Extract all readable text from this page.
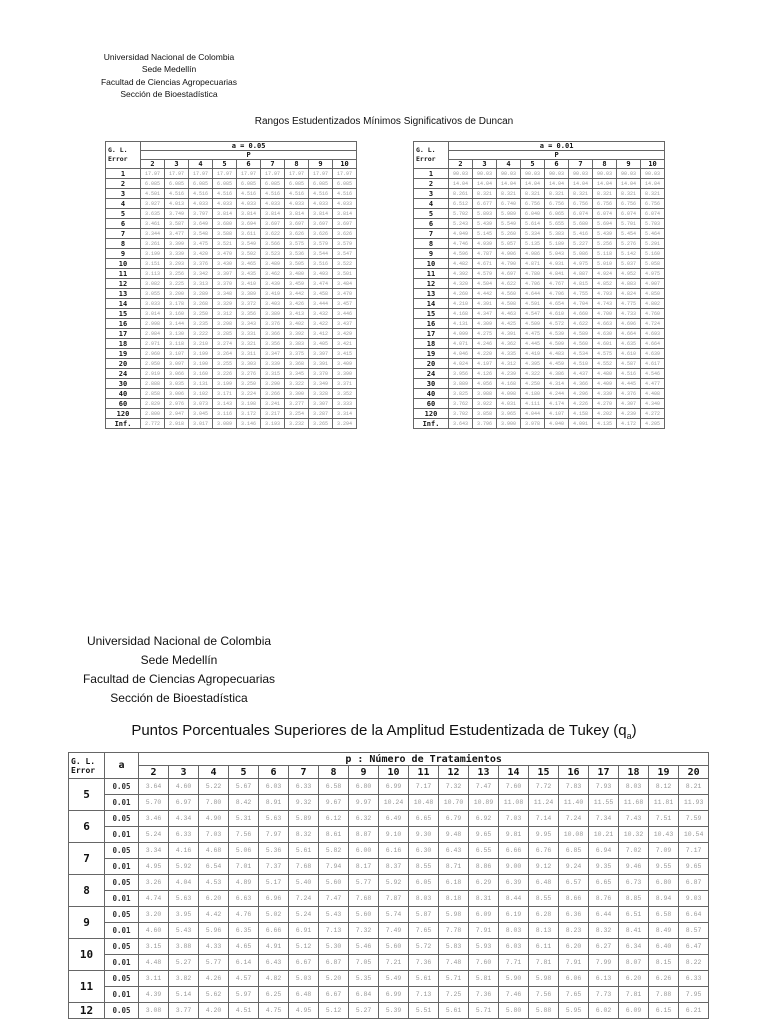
Universidad Nacional de Colombia
Sede Medellín
Facultad de Ciencias Agropecuarias
Sección de Bioestadística
Rangos Estudentizados Mínimos Significativos de Duncan
G. L.
Error	a = 0.05								
	P								
	2	3	4	5	6	7	8	9	10
1	17.97	17.97	17.97	17.97	17.97	17.97	17.97	17.97	17.97
2	6.085	6.085	6.085	6.085	6.085	6.085	6.085	6.085	6.085
3	4.501	4.516	4.516	4.516	4.516	4.516	4.516	4.516	4.516
4	3.927	4.013	4.033	4.033	4.033	4.033	4.033	4.033	4.033
5	3.635	3.749	3.797	3.814	3.814	3.814	3.814	3.814	3.814
6	3.461	3.587	3.649	3.680	3.694	3.697	3.697	3.697	3.697
7	3.344	3.477	3.548	3.588	3.611	3.622	3.626	3.626	3.626
8	3.261	3.399	3.475	3.521	3.549	3.566	3.575	3.579	3.579
9	3.199	3.339	3.420	3.470	3.502	3.523	3.536	3.544	3.547
10	3.151	3.293	3.376	3.430	3.465	3.489	3.505	3.516	3.522
11	3.113	3.256	3.342	3.397	3.435	3.462	3.480	3.493	3.501
12	3.082	3.225	3.313	3.370	3.410	3.439	3.459	3.474	3.484
13	3.055	3.200	3.289	3.348	3.389	3.419	3.442	3.458	3.470
14	3.033	3.178	3.268	3.329	3.372	3.403	3.426	3.444	3.457
15	3.014	3.160	3.250	3.312	3.356	3.389	3.413	3.432	3.446
16	2.998	3.144	3.235	3.298	3.343	3.376	3.402	3.422	3.437
17	2.984	3.130	3.222	3.285	3.331	3.366	3.392	3.412	3.429
18	2.971	3.118	3.210	3.274	3.321	3.356	3.383	3.405	3.421
19	2.960	3.107	3.199	3.264	3.311	3.347	3.375	3.397	3.415
20	2.950	3.097	3.190	3.255	3.303	3.339	3.368	3.391	3.409
24	2.919	3.066	3.160	3.226	3.276	3.315	3.345	3.370	3.390
30	2.888	3.035	3.131	3.199	3.250	3.290	3.322	3.349	3.371
40	2.858	3.006	3.102	3.171	3.224	3.266	3.300	3.328	3.352
60	2.829	2.976	3.073	3.143	3.198	3.241	3.277	3.307	3.333
120	2.800	2.947	3.045	3.116	3.172	3.217	3.254	3.287	3.314
Inf.	2.772	2.918	3.017	3.089	3.146	3.193	3.232	3.265	3.294
G. L.
Error	a = 0.01								
	P								
	2	3	4	5	6	7	8	9	10
1	90.03	90.03	90.03	90.03	90.03	90.03	90.03	90.03	90.03
2	14.04	14.04	14.04	14.04	14.04	14.04	14.04	14.04	14.04
3	8.261	8.321	8.321	8.321	8.321	8.321	8.321	8.321	8.321
4	6.512	6.677	6.740	6.756	6.756	6.756	6.756	6.756	6.756
5	5.702	5.893	5.989	6.040	6.065	6.074	6.074	6.074	6.074
6	5.243	5.439	5.549	5.614	5.655	5.680	5.694	5.701	5.703
7	4.949	5.145	5.260	5.334	5.383	5.416	5.439	5.454	5.464
8	4.746	4.939	5.057	5.135	5.189	5.227	5.256	5.276	5.291
9	4.596	4.787	4.906	4.986	5.043	5.086	5.118	5.142	5.160
10	4.482	4.671	4.790	4.871	4.931	4.975	5.010	5.037	5.058
11	4.392	4.579	4.697	4.780	4.841	4.887	4.924	4.952	4.975
12	4.320	4.504	4.622	4.706	4.767	4.815	4.852	4.883	4.907
13	4.260	4.442	4.560	4.644	4.706	4.755	4.793	4.824	4.850
14	4.210	4.391	4.508	4.591	4.654	4.704	4.743	4.775	4.802
15	4.168	4.347	4.463	4.547	4.610	4.660	4.700	4.733	4.760
16	4.131	4.309	4.425	4.509	4.572	4.622	4.663	4.696	4.724
17	4.099	4.275	4.391	4.475	4.539	4.589	4.630	4.664	4.693
18	4.071	4.246	4.362	4.445	4.509	4.560	4.601	4.635	4.664
19	4.046	4.220	4.335	4.419	4.483	4.534	4.575	4.610	4.639
20	4.024	4.197	4.312	4.395	4.459	4.510	4.552	4.587	4.617
24	3.956	4.126	4.239	4.322	4.386	4.437	4.480	4.516	4.546
30	3.889	4.056	4.168	4.250	4.314	4.366	4.409	4.445	4.477
40	3.825	3.988	4.098	4.180	4.244	4.296	4.339	4.376	4.408
60	3.762	3.922	4.031	4.111	4.174	4.226	4.270	4.307	4.340
120	3.702	3.858	3.965	4.044	4.107	4.158	4.202	4.239	4.272
Inf.	3.643	3.796	3.900	3.978	4.040	4.091	4.135	4.172	4.205
Universidad Nacional de Colombia
Sede Medellín
Facultad de Ciencias Agropecuarias
Sección de Bioestadística
Puntos Porcentuales Superiores de la Amplitud Estudentizada de Tukey $(q_a)$
G. L.
Error	a	p : Número de Tratamientos																		
		2	3	4	5	6	7	8	9	10	11	12	13	14	15	16	17	18	19	20
5	0.05	3.64	4.60	5.22	5.67	6.03	6.33	6.58	6.80	6.99	7.17	7.32	7.47	7.60	7.72	7.83	7.93	8.03	8.12	8.21
	0.01	5.70	6.97	7.80	8.42	8.91	9.32	9.67	9.97	10.24	10.48	10.70	10.89	11.08	11.24	11.40	11.55	11.68	11.81	11.93
6	0.05	3.46	4.34	4.90	5.31	5.63	5.89	6.12	6.32	6.49	6.65	6.79	6.92	7.03	7.14	7.24	7.34	7.43	7.51	7.59
	0.01	5.24	6.33	7.03	7.56	7.97	8.32	8.61	8.87	9.10	9.30	9.48	9.65	9.81	9.95	10.08	10.21	10.32	10.43	10.54
7	0.05	3.34	4.16	4.68	5.06	5.36	5.61	5.82	6.00	6.16	6.30	6.43	6.55	6.66	6.76	6.85	6.94	7.02	7.09	7.17
	0.01	4.95	5.92	6.54	7.01	7.37	7.68	7.94	8.17	8.37	8.55	8.71	8.86	9.00	9.12	9.24	9.35	9.46	9.55	9.65
8	0.05	3.26	4.04	4.53	4.89	5.17	5.40	5.60	5.77	5.92	6.05	6.18	6.29	6.39	6.48	6.57	6.65	6.73	6.80	6.87
	0.01	4.74	5.63	6.20	6.63	6.96	7.24	7.47	7.68	7.87	8.03	8.18	8.31	8.44	8.55	8.66	8.76	8.85	8.94	9.03
9	0.05	3.20	3.95	4.42	4.76	5.02	5.24	5.43	5.60	5.74	5.87	5.98	6.09	6.19	6.28	6.36	6.44	6.51	6.58	6.64
	0.01	4.60	5.43	5.96	6.35	6.66	6.91	7.13	7.32	7.49	7.65	7.78	7.91	8.03	8.13	8.23	8.32	8.41	8.49	8.57
10	0.05	3.15	3.88	4.33	4.65	4.91	5.12	5.30	5.46	5.60	5.72	5.83	5.93	6.03	6.11	6.20	6.27	6.34	6.40	6.47
	0.01	4.48	5.27	5.77	6.14	6.43	6.67	6.87	7.05	7.21	7.36	7.48	7.60	7.71	7.81	7.91	7.99	8.07	8.15	8.22
11	0.05	3.11	3.82	4.26	4.57	4.82	5.03	5.20	5.35	5.49	5.61	5.71	5.81	5.90	5.98	6.06	6.13	6.20	6.26	6.33
	0.01	4.39	5.14	5.62	5.97	6.25	6.48	6.67	6.84	6.99	7.13	7.25	7.36	7.46	7.56	7.65	7.73	7.81	7.88	7.95
12	0.05	3.08	3.77	4.20	4.51	4.75	4.95	5.12	5.27	5.39	5.51	5.61	5.71	5.80	5.88	5.95	6.02	6.09	6.15	6.21
